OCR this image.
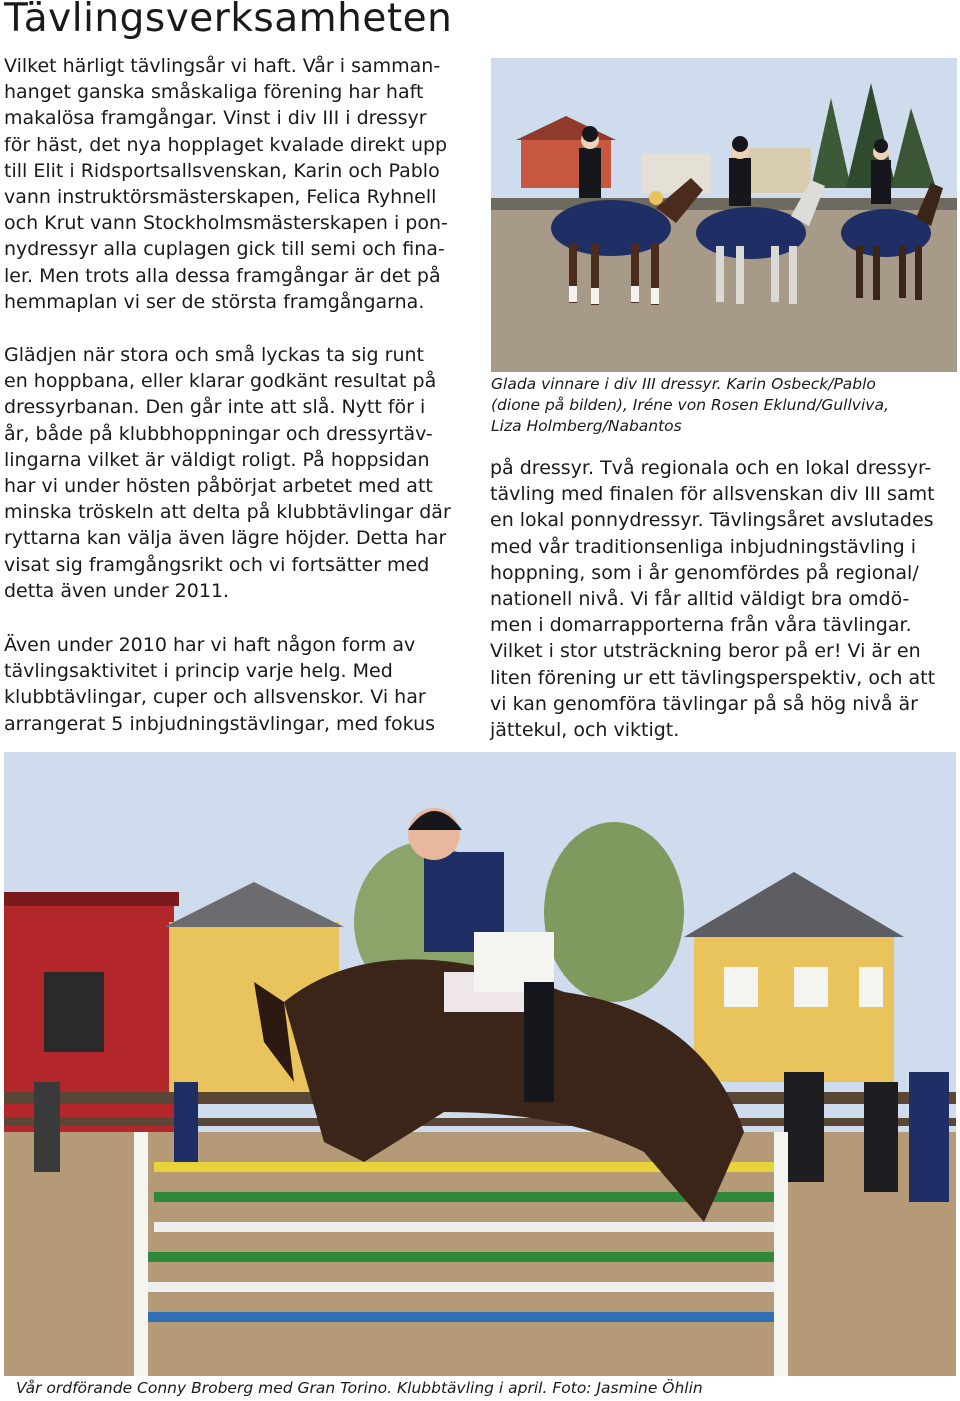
Tävlingsverksamheten

Vilket härligt tävlingsår vi haft. Vår i samman-
hanget ganska småskaliga förening har haft
makalösa framgångar. Vinst i div III i dressyr
för häst, det nya hopplaget kvalade direkt upp
till Elit i Ridsportsallsvenskan, Karin och Pablo
vann instruktörsmästerskapen, Felica Ryhnell
och Krut vann Stockholmsmästerskapen i pon-
nydressyr alla cuplagen gick till semi och fina-
ler. Men trots alla dessa framgångar är det på
hemmaplan vi ser de största framgångarna.

Glädjen när stora och små lyckas ta sig runt
en hoppbana, eller klarar godkänt resultat på
dressyrbanan. Den går inte att slå. Nytt för i
år, både på klubbhoppningar och dressyrtäv-
lingarna vilket är väldigt roligt. På hoppsidan
har vi under hösten påbörjat arbetet med att
minska tröskeln att delta på klubbtävlingar där
ryttarna kan välja även lägre höjder. Detta har
visat sig framgångsrikt och vi fortsätter med
detta även under 2011.

Även under 2010 har vi haft någon form av
tävlingsaktivitet i princip varje helg. Med
klubbtävlingar, cuper och allsvenskor. Vi har
arrangerat 5 inbjudningstävlingar, med fokus

Glada vinnare i div III dressyr. Karin Osbeck/Pablo
(dione på bilden), Iréne von Rosen Eklund/Gullviva,
Liza Holmberg/Nabantos

på dressyr. Två regionala och en lokal dressyr-
tävling med finalen för allsvenskan div III samt
en lokal ponnydressyr. Tävlingsåret avslutades
med vår traditionsenliga inbjudningstävling i
hoppning, som i år genomfördes på regional/
nationell nivå. Vi får alltid väldigt bra omdö-
men i domarrapporterna från våra tävlingar.
Vilket i stor utsträckning beror på er! Vi är en
liten förening ur ett tävlingsperspektiv, och att
vi kan genomföra tävlingar på så hög nivå är
jättekul, och viktigt.

Vår ordförande Conny Broberg med Gran Torino. Klubbtävling i april. Foto: Jasmine Öhlin
